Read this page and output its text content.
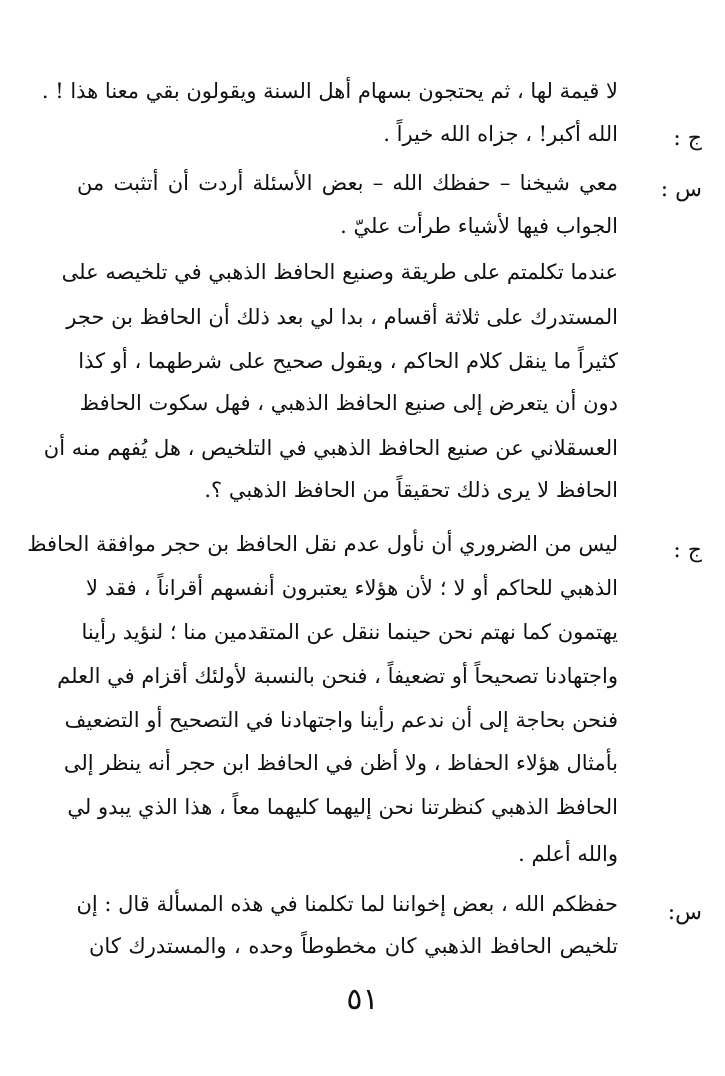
لا قيمة لها ، ثم يحتجون بسهام أهل السنة ويقولون بقي معنا هذا ! .
ج :
الله أكبر! ، جزاه الله خيراً .
س :
معي شيخنا – حفظك الله – بعض الأسئلة أردت أن أتثبت من
الجواب فيها لأشياء طرأت عليّ .
عندما تكلمتم على طريقة وصنيع الحافظ الذهبي في تلخيصه على
المستدرك على ثلاثة أقسام ، بدا لي بعد ذلك أن الحافظ بن حجر
كثيراً ما ينقل كلام الحاكم ، ويقول صحيح على شرطهما ، أو كذا
دون أن يتعرض إلى صنيع الحافظ الذهبي ، فهل سكوت الحافظ
العسقلاني عن صنيع الحافظ الذهبي في التلخيص ، هل يُفهم منه أن
الحافظ لا يرى ذلك تحقيقاً من الحافظ الذهبي ؟.
ج :
ليس من الضروري أن نأول عدم نقل الحافظ بن حجر موافقة الحافظ
الذهبي للحاكم أو لا ؛ لأن هؤلاء يعتبرون أنفسهم أقراناً ، فقد لا
يهتمون كما نهتم نحن حينما ننقل عن المتقدمين منا ؛ لنؤيد رأينا
واجتهادنا تصحيحاً أو تضعيفاً ، فنحن بالنسبة لأولئك أقزام في العلم
فنحن بحاجة إلى أن ندعم رأينا واجتهادنا في التصحيح أو التضعيف
بأمثال هؤلاء الحفاظ ، ولا أظن في الحافظ ابن حجر أنه ينظر إلى
الحافظ الذهبي كنظرتنا نحن إليهما كليهما معاً ، هذا الذي يبدو لي
والله أعلم .
س:
حفظكم الله ، بعض إخواننا لما تكلمنا في هذه المسألة قال : إن
تلخيص الحافظ الذهبي كان مخطوطاً وحده ، والمستدرك كان
٥١
